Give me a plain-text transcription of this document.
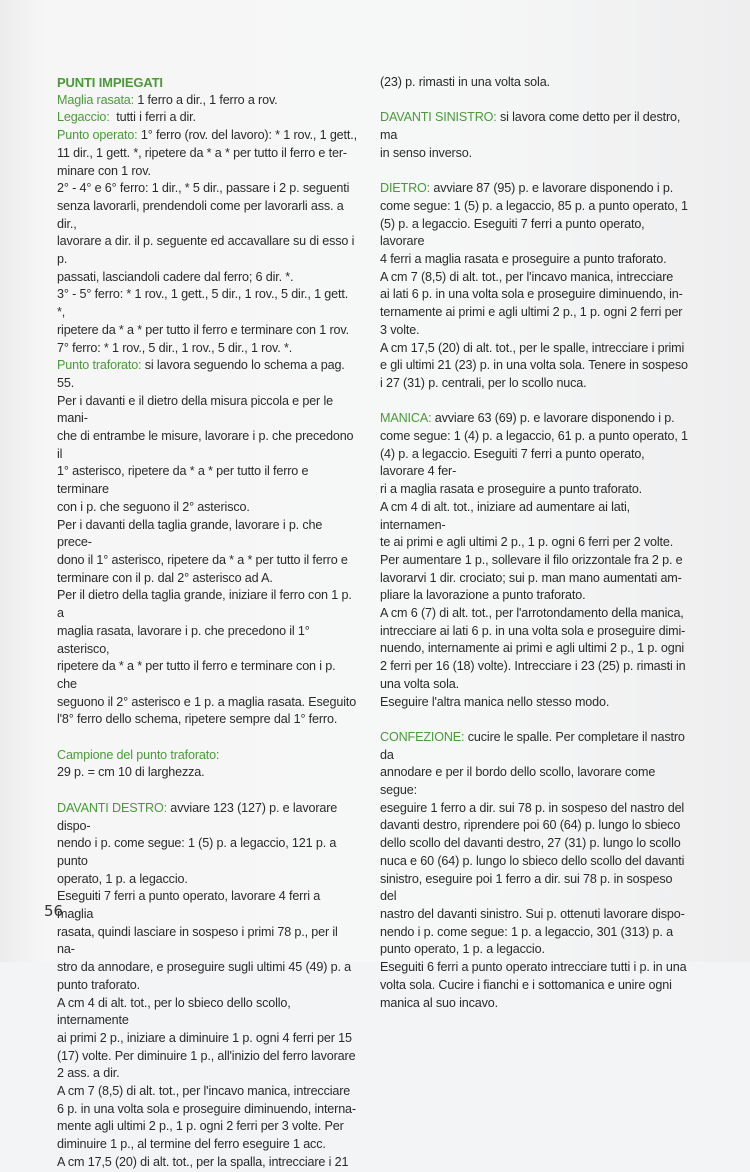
PUNTI IMPIEGATI

Maglia rasata: 1 ferro a dir., 1 ferro a rov.

Legaccio:  tutti i ferri a dir.

Punto operato: 1° ferro (rov. del lavoro): * 1 rov., 1 gett.,

11 dir., 1 gett. *, ripetere da * a * per tutto il ferro e ter-

minare con 1 rov.

2° - 4° e 6° ferro: 1 dir., * 5 dir., passare i 2 p. seguenti

senza lavorarli, prendendoli come per lavorarli ass. a dir.,

lavorare a dir. il p. seguente ed accavallare su di esso i p.

passati, lasciandoli cadere dal ferro; 6 dir. *.

3° - 5° ferro: * 1 rov., 1 gett., 5 dir., 1 rov., 5 dir., 1 gett. *,

ripetere da * a * per tutto il ferro e terminare con 1 rov.

7° ferro: * 1 rov., 5 dir., 1 rov., 5 dir., 1 rov. *.

Punto traforato: si lavora seguendo lo schema a pag. 55.

Per i davanti e il dietro della misura piccola e per le mani-

che di entrambe le misure, lavorare i p. che precedono il

1° asterisco, ripetere da * a * per tutto il ferro e terminare

con i p. che seguono il 2° asterisco.

Per i davanti della taglia grande, lavorare i p. che prece-

dono il 1° asterisco, ripetere da * a * per tutto il ferro e

terminare con il p. dal 2° asterisco ad A.

Per il dietro della taglia grande, iniziare il ferro con 1 p. a

maglia rasata, lavorare i p. che precedono il 1° asterisco,

ripetere da * a * per tutto il ferro e terminare con i p. che

seguono il 2° asterisco e 1 p. a maglia rasata. Eseguito

l'8° ferro dello schema, ripetere sempre dal 1° ferro.

Campione del punto traforato:

29 p. = cm 10 di larghezza.

DAVANTI DESTRO: avviare 123 (127) p. e lavorare dispo-

nendo i p. come segue: 1 (5) p. a legaccio, 121 p. a punto

operato, 1 p. a legaccio.

Eseguiti 7 ferri a punto operato, lavorare 4 ferri a maglia

rasata, quindi lasciare in sospeso i primi 78 p., per il na-

stro da annodare, e proseguire sugli ultimi 45 (49) p. a

punto traforato.

A cm 4 di alt. tot., per lo sbieco dello scollo, internamente

ai primi 2 p., iniziare a diminuire 1 p. ogni 4 ferri per 15

(17) volte. Per diminuire 1 p., all'inizio del ferro lavorare

2 ass. a dir.

A cm 7 (8,5) di alt. tot., per l'incavo manica, intrecciare

6 p. in una volta sola e proseguire diminuendo, interna-

mente agli ultimi 2 p., 1 p. ogni 2 ferri per 3 volte. Per

diminuire 1 p., al termine del ferro eseguire 1 acc.

A cm 17,5 (20) di alt. tot., per la spalla, intrecciare i 21

(23) p. rimasti in una volta sola.

DAVANTI SINISTRO: si lavora come detto per il destro, ma

in senso inverso.

DIETRO: avviare 87 (95) p. e lavorare disponendo i p.

come segue: 1 (5) p. a legaccio, 85 p. a punto operato, 1

(5) p. a legaccio. Eseguiti 7 ferri a punto operato, lavorare

4 ferri a maglia rasata e proseguire a punto traforato.

A cm 7 (8,5) di alt. tot., per l'incavo manica, intrecciare

ai lati 6 p. in una volta sola e proseguire diminuendo, in-

ternamente ai primi e agli ultimi 2 p., 1 p. ogni 2 ferri per

3 volte.

A cm 17,5 (20) di alt. tot., per le spalle, intrecciare i primi

e gli ultimi 21 (23) p. in una volta sola. Tenere in sospeso

i 27 (31) p. centrali, per lo scollo nuca.

MANICA: avviare 63 (69) p. e lavorare disponendo i p.

come segue: 1 (4) p. a legaccio, 61 p. a punto operato, 1

(4) p. a legaccio. Eseguiti 7 ferri a punto operato, lavorare 4 fer-

ri a maglia rasata e proseguire a punto traforato.

A cm 4 di alt. tot., iniziare ad aumentare ai lati, internamen-

te ai primi e agli ultimi 2 p., 1 p. ogni 6 ferri per 2 volte.

Per aumentare 1 p., sollevare il filo orizzontale fra 2 p. e

lavorarvi 1 dir. crociato; sui p. man mano aumentati am-

pliare la lavorazione a punto traforato.

A cm 6 (7) di alt. tot., per l'arrotondamento della manica,

intrecciare ai lati 6 p. in una volta sola e proseguire dimi-

nuendo, internamente ai primi e agli ultimi 2 p., 1 p. ogni

2 ferri per 16 (18) volte). Intrecciare i 23 (25) p. rimasti in

una volta sola.

Eseguire l'altra manica nello stesso modo.

CONFEZIONE: cucire le spalle. Per completare il nastro da

annodare e per il bordo dello scollo, lavorare come segue:

eseguire 1 ferro a dir. sui 78 p. in sospeso del nastro del

davanti destro, riprendere poi 60 (64) p. lungo lo sbieco

dello scollo del davanti destro, 27 (31) p. lungo lo scollo

nuca e 60 (64) p. lungo lo sbieco dello scollo del davanti

sinistro, eseguire poi 1 ferro a dir. sui 78 p. in sospeso del

nastro del davanti sinistro. Sui p. ottenuti lavorare dispo-

nendo i p. come segue: 1 p. a legaccio, 301 (313) p. a

punto operato, 1 p. a legaccio.

Eseguiti 6 ferri a punto operato intrecciare tutti i p. in una

volta sola. Cucire i fianchi e i sottomanica e unire ogni

manica al suo incavo.

56
